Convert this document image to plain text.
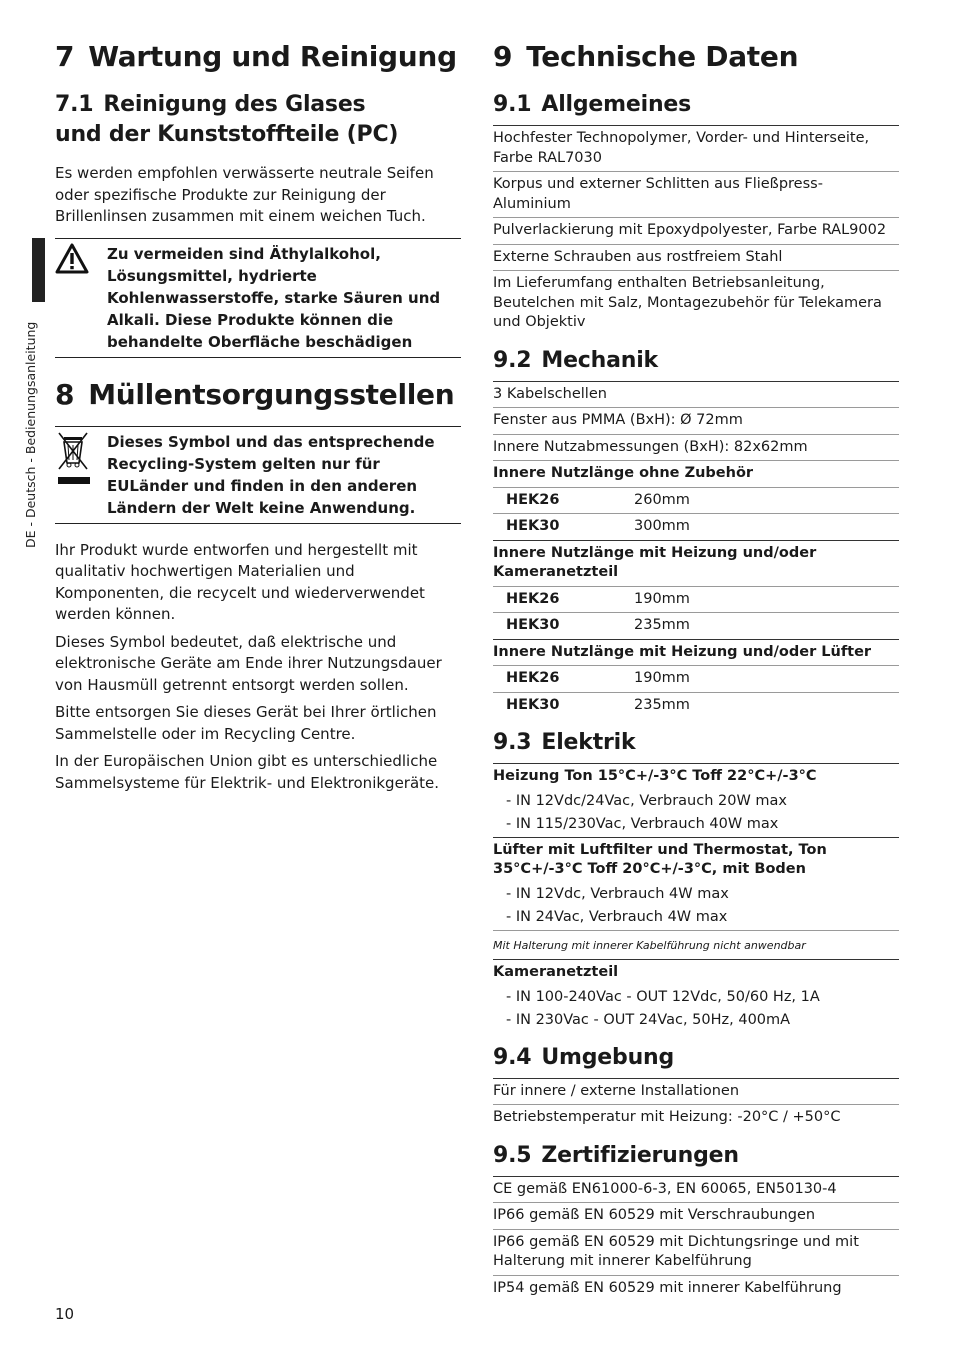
DE - Deutsch - Bedienungsanleitung
7 Wartung und Reinigung
7.1 Reinigung des Glases
und der Kunststoffteile (PC)

Es werden empfohlen verwässerte neutrale Seifen oder spezifische Produkte zur Reinigung der Brillenlinsen zusammen mit einem weichen Tuch.

Zu vermeiden sind Äthylalkohol, Lösungsmittel, hydrierte Kohlenwasserstoffe, starke Säuren und Alkali. Diese Produkte können die behandelte Oberfläche beschädigen
8 Müllentsorgungsstellen
Dieses Symbol und das entsprechende Recycling-System gelten nur für EULänder und finden in den anderen Ländern der Welt keine Anwendung.

Ihr Produkt wurde entworfen und hergestellt mit qualitativ hochwertigen Materialien und Komponenten, die recycelt und wiederverwendet werden können.

Dieses Symbol bedeutet, daß elektrische und elektronische Geräte am Ende ihrer Nutzungsdauer von Hausmüll getrennt entsorgt werden sollen.

Bitte entsorgen Sie dieses Gerät bei Ihrer örtlichen Sammelstelle oder im Recycling Centre.

In der Europäischen Union gibt es unterschiedliche Sammelsysteme für Elektrik- und Elektronikgeräte.

9 Technische Daten
9.1 Allgemeines
Hochfester Technopolymer, Vorder- und Hinterseite, Farbe RAL7030
Korpus und externer Schlitten aus Fließpress-Aluminium
Pulverlackierung mit Epoxydpolyester, Farbe RAL9002
Externe Schrauben aus rostfreiem Stahl
Im Lieferumfang enthalten Betriebsanleitung, Beutelchen mit Salz, Montagezubehör für Telekamera und Objektiv
9.2 Mechanik
3 Kabelschellen
Fenster aus PMMA (BxH): Ø 72mm
Innere Nutzabmessungen (BxH): 82x62mm
Innere Nutzlänge ohne Zubehör
HEK26	260mm
HEK30	300mm
Innere Nutzlänge mit Heizung und/oder Kameranetzteil
HEK26	190mm
HEK30	235mm
Innere Nutzlänge mit Heizung und/oder Lüfter
HEK26	190mm
HEK30	235mm
9.3 Elektrik
Heizung Ton 15°C+/-3°C Toff 22°C+/-3°C
- IN 12Vdc/24Vac, Verbrauch 20W max
- IN 115/230Vac, Verbrauch 40W max
Lüfter mit Luftfilter und Thermostat, Ton 35°C+/-3°C Toff 20°C+/-3°C, mit Boden
- IN 12Vdc, Verbrauch 4W max
- IN 24Vac, Verbrauch 4W max
Mit Halterung mit innerer Kabelführung nicht anwendbar
Kameranetzteil
- IN 100-240Vac - OUT 12Vdc, 50/60 Hz, 1A
- IN 230Vac - OUT 24Vac, 50Hz, 400mA
9.4 Umgebung
Für innere / externe Installationen
Betriebstemperatur mit Heizung: -20°C / +50°C
9.5 Zertifizierungen
CE gemäß EN61000-6-3, EN 60065, EN50130-4
IP66 gemäß EN 60529 mit Verschraubungen
IP66 gemäß EN 60529 mit Dichtungsringe und mit Halterung mit innerer Kabelführung
IP54 gemäß EN 60529 mit innerer Kabelführung
10
